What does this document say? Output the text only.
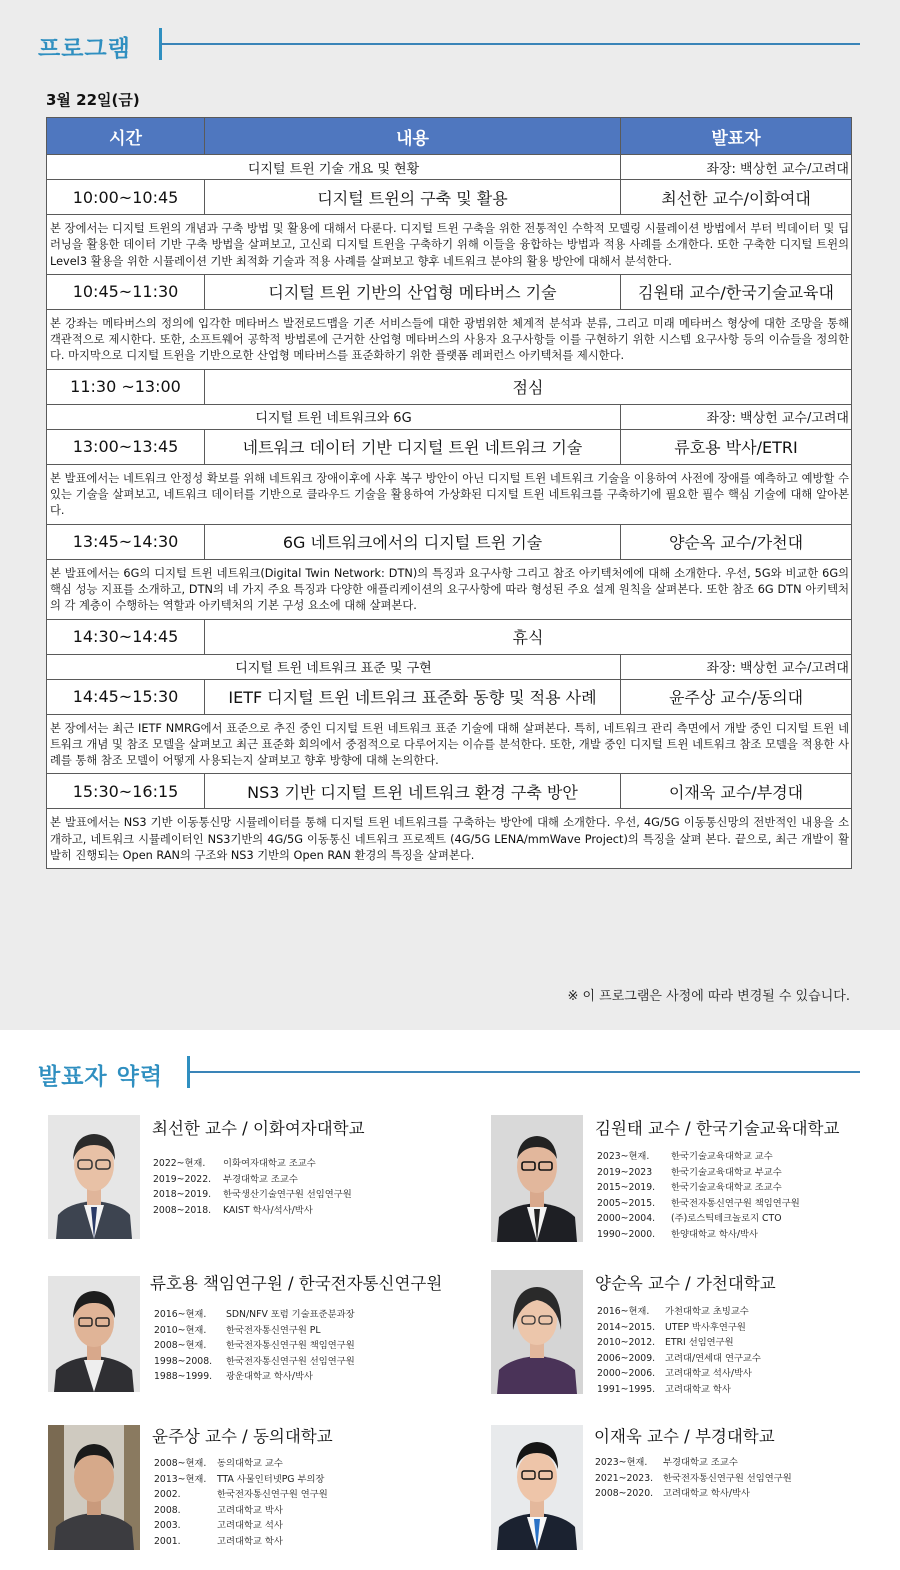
프로그램
3월 22일(금)
시간	내용	발표자
디지털 트윈 기술 개요 및 현황		좌장: 백상헌 교수/고려대
10:00~10:45	디지털 트윈의 구축 및 활용	최선한 교수/이화여대
본 장에서는 디지털 트윈의 개념과 구축 방법 및 활용에 대해서 다룬다. 디지털 트윈 구축을 위한 전통적인 수학적 모델링 시뮬레이션 방법에서 부터 빅데이터 및 딥러닝을 활용한 데이터 기반 구축 방법을 살펴보고, 고신뢰 디지털 트윈을 구축하기 위해 이들을 융합하는 방법과 적용 사례를 소개한다. 또한 구축한 디지털 트윈의 Level3 활용을 위한 시뮬레이션 기반 최적화 기술과 적용 사례를 살펴보고 향후 네트워크 분야의 활용 방안에 대해서 분석한다.		
10:45~11:30	디지털 트윈 기반의 산업형 메타버스 기술	김원태 교수/한국기술교육대
본 강좌는 메타버스의 정의에 입각한 메타버스 발전로드맵을 기존 서비스들에 대한 광범위한 체계적 분석과 분류, 그리고 미래 메타버스 형상에 대한 조망을 통해 객관적으로 제시한다. 또한, 소프트웨어 공학적 방법론에 근거한 산업형 메타버스의 사용자 요구사항들 이를 구현하기 위한 시스템 요구사항 등의 이슈들을 정의한다. 마지막으로 디지털 트윈을 기반으로한 산업형 메타버스를 표준화하기 위한 플랫폼 레퍼런스 아키텍처를 제시한다.		
11:30 ~13:00	점심	
디지털 트윈 네트워크와 6G		좌장: 백상헌 교수/고려대
13:00~13:45	네트워크 데이터 기반 디지털 트윈 네트워크 기술	류호용 박사/ETRI
본 발표에서는 네트워크 안정성 확보를 위해 네트워크 장애이후에 사후 복구 방안이 아닌 디지털 트윈 네트워크 기술을 이용하여 사전에 장애를 예측하고 예방할 수 있는 기술을 살펴보고, 네트워크 데이터를 기반으로 클라우드 기술을 활용하여 가상화된 디지털 트윈 네트워크를 구축하기에 필요한 필수 핵심 기술에 대해 알아본다.		
13:45~14:30	6G 네트워크에서의 디지털 트윈 기술	양순옥 교수/가천대
본 발표에서는 6G의 디지털 트윈 네트워크(Digital Twin Network: DTN)의 특징과 요구사항 그리고 참조 아키텍처에에 대해 소개한다. 우선, 5G와 비교한 6G의 핵심 성능 지표를 소개하고, DTN의 네 가지 주요 특징과 다양한 애플리케이션의 요구사항에 따라 형성된 주요 설계 원칙을 살펴본다. 또한 참조 6G DTN 아키텍처의 각 계층이 수행하는 역할과 아키텍처의 기본 구성 요소에 대해 살펴본다.		
14:30~14:45	휴식	
디지털 트윈 네트워크 표준 및 구현		좌장: 백상헌 교수/고려대
14:45~15:30	IETF 디지털 트윈 네트워크 표준화 동향 및 적용 사례	윤주상 교수/동의대
본 장에서는 최근 IETF NMRG에서 표준으로 추진 중인 디지털 트윈 네트워크 표준 기술에 대해 살펴본다. 특히, 네트워크 관리 측면에서 개발 중인 디지털 트윈 네트워크 개념 및 참조 모델을 살펴보고 최근 표준화 회의에서 중점적으로 다루어지는 이슈를 분석한다. 또한, 개발 중인 디지털 트윈 네트워크 참조 모델을 적용한 사례를 통해 참조 모델이 어떻게 사용되는지 살펴보고 향후 방향에 대해 논의한다.		
15:30~16:15	NS3 기반 디지털 트윈 네트워크 환경 구축 방안	이재욱 교수/부경대
본 발표에서는 NS3 기반 이동통신망 시뮬레이터를 통해 디지털 트윈 네트워크를 구축하는 방안에 대해 소개한다. 우선, 4G/5G 이동통신망의 전반적인 내용을 소개하고, 네트워크 시뮬레이터인 NS3기반의 4G/5G 이동통신 네트워크 프로젝트 (4G/5G LENA/mmWave Project)의 특징을 살펴 본다. 끝으로, 최근 개발이 활발히 진행되는 Open RAN의 구조와 NS3 기반의 Open RAN 환경의 특징을 살펴본다.		
※ 이 프로그램은 사정에 따라 변경될 수 있습니다.
발표자 약력
최선한 교수 / 이화여자대학교
2022~현재. 이화여자대학교 조교수
2019~2022. 부경대학교 조교수
2018~2019. 한국생산기술연구원 선임연구원
2008~2018. KAIST 학사/석사/박사
김원태 교수 / 한국기술교육대학교
2023~현재. 한국기술교육대학교 교수
2019~2023 한국기술교육대학교 부교수
2015~2019. 한국기술교육대학교 조교수
2005~2015. 한국전자통신연구원 책임연구원
2000~2004. (주)로스틱테크놀로지 CTO
1990~2000. 한양대학교 학사/박사
류호용 책임연구원 / 한국전자통신연구원
2016~현재. SDN/NFV 포럼 기술표준분과장
2010~현재. 한국전자통신연구원 PL
2008~현재. 한국전자통신연구원 책임연구원
1998~2008. 한국전자통신연구원 선임연구원
1988~1999. 광운대학교 학사/박사
양순옥 교수 / 가천대학교
2016~현재. 가천대학교 초빙교수
2014~2015. UTEP 박사후연구원
2010~2012. ETRI 선임연구원
2006~2009. 고려대/연세대 연구교수
2000~2006. 고려대학교 석사/박사
1991~1995. 고려대학교 학사
윤주상 교수 / 동의대학교
2008~현재. 동의대학교 교수
2013~현재. TTA 사물인터넷PG 부의장
2002.	한국전자통신연구원 연구원
2008.	고려대학교 박사
2003.	고려대학교 석사
2001.	고려대학교 학사
이재욱 교수 / 부경대학교
2023~현재. 부경대학교 조교수
2021~2023. 한국전자통신연구원 선임연구원
2008~2020. 고려대학교 학사/박사
